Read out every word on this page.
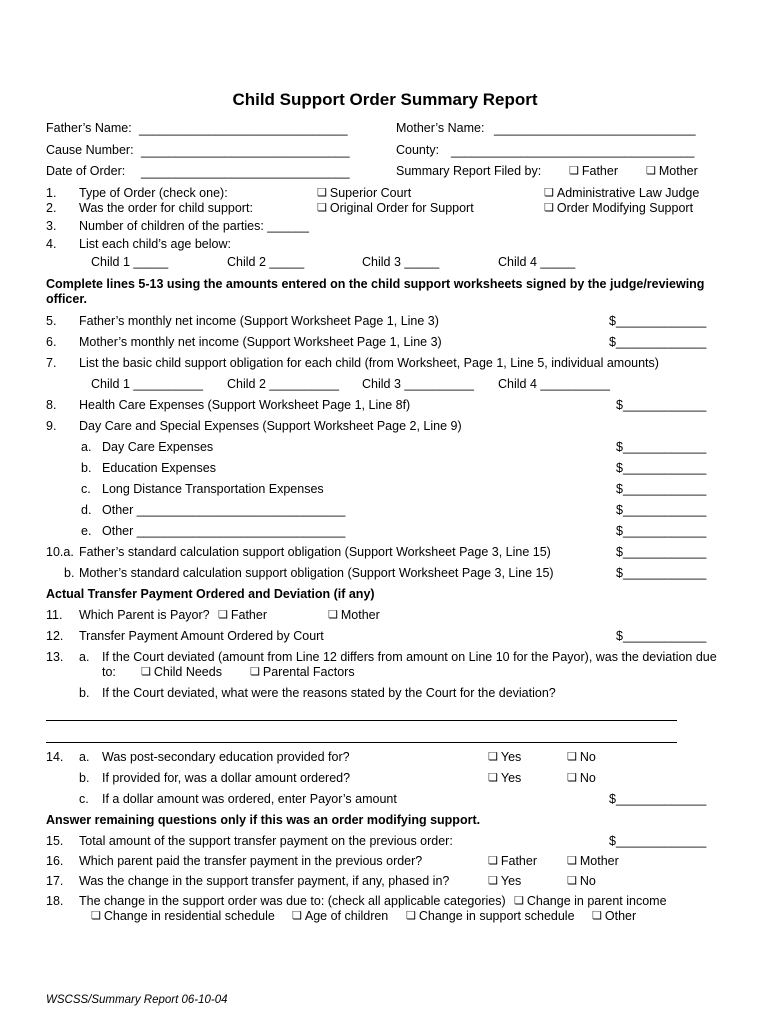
Child Support Order Summary Report
Father’s Name: ______________________________	Mother’s Name: _____________________________
Cause Number: ______________________________	County: ___________________________________
Date of Order: ______________________________	Summary Report Filed by:	❏ Father	❏ Mother
1. Type of Order (check one):	❏ Superior Court	❏ Administrative Law Judge
2. Was the order for child support:	❏ Original Order for Support	❏ Order Modifying Support
3. Number of children of the parties: ______
4. List each child’s age below:
Child 1 _____	Child 2 _____	Child 3 _____	Child 4 _____
Complete lines 5-13 using the amounts entered on the child support worksheets signed by the judge/reviewing
officer.
5. Father’s monthly net income (Support Worksheet Page 1, Line 3)	$_____________
6. Mother’s monthly net income (Support Worksheet Page 1, Line 3)	$_____________
7. List the basic child support obligation for each child (from Worksheet, Page 1, Line 5, individual amounts)
Child 1 __________ Child 2 __________ Child 3 __________ Child 4 __________
8. Health Care Expenses (Support Worksheet Page 1, Line 8f)	$____________
9. Day Care and Special Expenses (Support Worksheet Page 2, Line 9)
a. Day Care Expenses	$____________
b. Education Expenses	$____________
c. Long Distance Transportation Expenses	$____________
d. Other ______________________________	$____________
e. Other ______________________________	$____________
10.a. Father’s standard calculation support obligation (Support Worksheet Page 3, Line 15)	$____________
b. Mother’s standard calculation support obligation (Support Worksheet Page 3, Line 15)	$____________
Actual Transfer Payment Ordered and Deviation (if any)
11. Which Parent is Payor?	❏ Father	❏ Mother
12. Transfer Payment Amount Ordered by Court	$____________
13. a. If the Court deviated (amount from Line 12 differs from amount on Line 10 for the Payor), was the deviation due
to:	❏ Child Needs	❏ Parental Factors
b. If the Court deviated, what were the reasons stated by the Court for the deviation?
14. a. Was post-secondary education provided for?	❏ Yes	❏ No
b. If provided for, was a dollar amount ordered?	❏ Yes	❏ No
c. If a dollar amount was ordered, enter Payor’s amount	$_____________
Answer remaining questions only if this was an order modifying support.
15. Total amount of the support transfer payment on the previous order:	$_____________
16. Which parent paid the transfer payment in the previous order?	❏ Father	❏ Mother
17. Was the change in the support transfer payment, if any, phased in?	❏ Yes	❏ No
18. The change in the support order was due to: (check all applicable categories)	❏ Change in parent income
❏ Change in residential schedule	❏ Age of children	❏ Change in support schedule	❏ Other
WSCSS/Summary Report 06-10-04
